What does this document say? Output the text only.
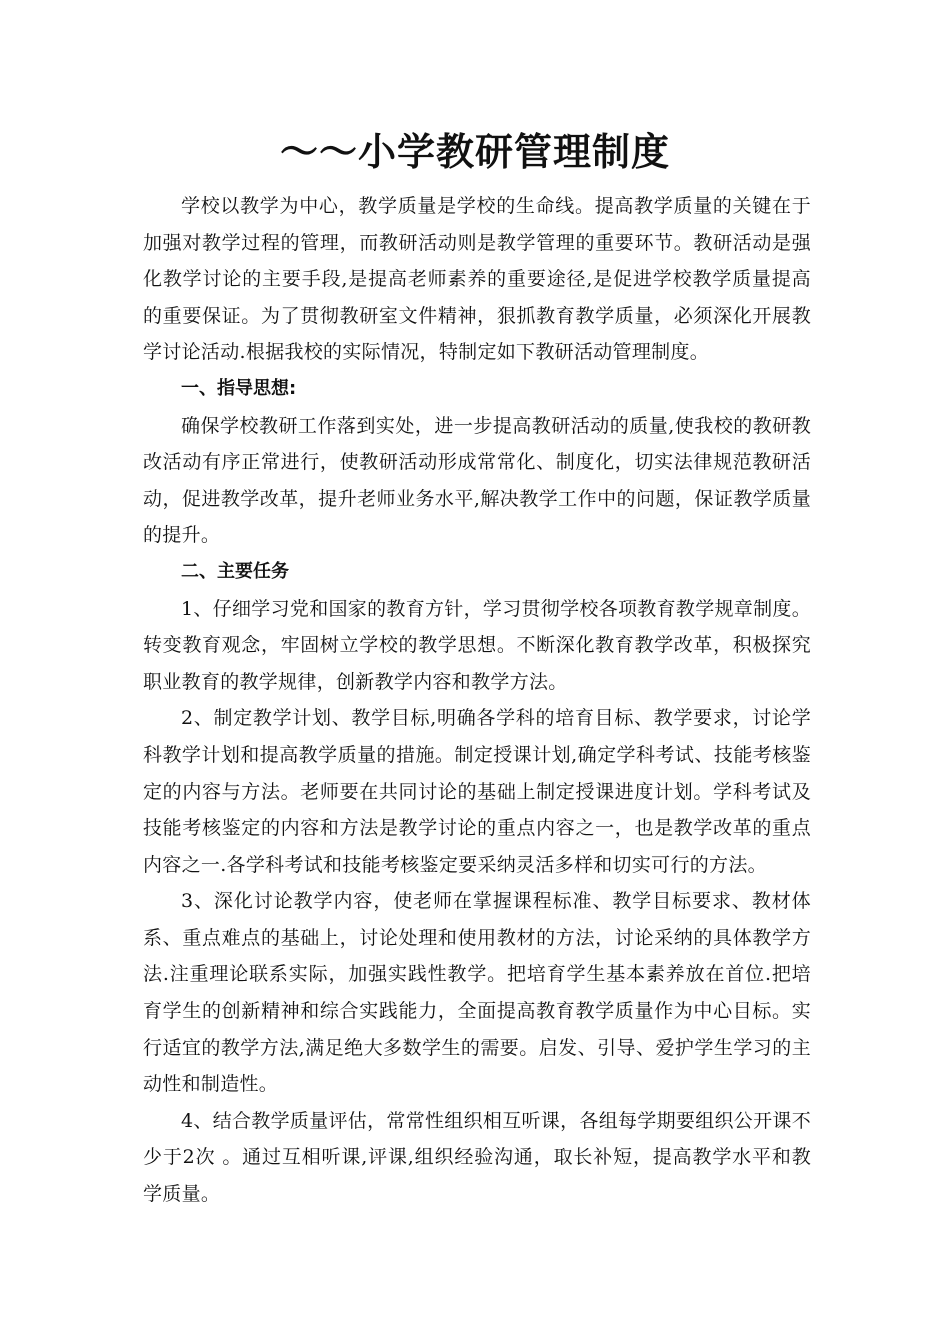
～～小学教研管理制度

学校以教学为中心，教学质量是学校的生命线。提高教学质量的关键在于加强对教学过程的管理，而教研活动则是教学管理的重要环节。教研活动是强化教学讨论的主要手段,是提高老师素养的重要途径,是促进学校教学质量提高的重要保证。为了贯彻教研室文件精神，狠抓教育教学质量，必须深化开展教学讨论活动.根据我校的实际情况，特制定如下教研活动管理制度。

一、指导思想:

确保学校教研工作落到实处，进一步提高教研活动的质量,使我校的教研教改活动有序正常进行，使教研活动形成常常化、制度化，切实法律规范教研活动，促进教学改革，提升老师业务水平,解决教学工作中的问题，保证教学质量的提升。

二、主要任务

1、仔细学习党和国家的教育方针，学习贯彻学校各项教育教学规章制度。转变教育观念，牢固树立学校的教学思想。不断深化教育教学改革，积极探究职业教育的教学规律，创新教学内容和教学方法。

2、制定教学计划、教学目标,明确各学科的培育目标、教学要求，讨论学科教学计划和提高教学质量的措施。制定授课计划,确定学科考试、技能考核鉴定的内容与方法。老师要在共同讨论的基础上制定授课进度计划。学科考试及技能考核鉴定的内容和方法是教学讨论的重点内容之一，也是教学改革的重点内容之一.各学科考试和技能考核鉴定要采纳灵活多样和切实可行的方法。

3、深化讨论教学内容，使老师在掌握课程标准、教学目标要求、教材体系、重点难点的基础上，讨论处理和使用教材的方法，讨论采纳的具体教学方法.注重理论联系实际，加强实践性教学。把培育学生基本素养放在首位.把培育学生的创新精神和综合实践能力，全面提高教育教学质量作为中心目标。实行适宜的教学方法,满足绝大多数学生的需要。启发、引导、爱护学生学习的主动性和制造性。

4、结合教学质量评估，常常性组织相互听课，各组每学期要组织公开课不少于2次 。通过互相听课,评课,组织经验沟通，取长补短，提高教学水平和教学质量。
